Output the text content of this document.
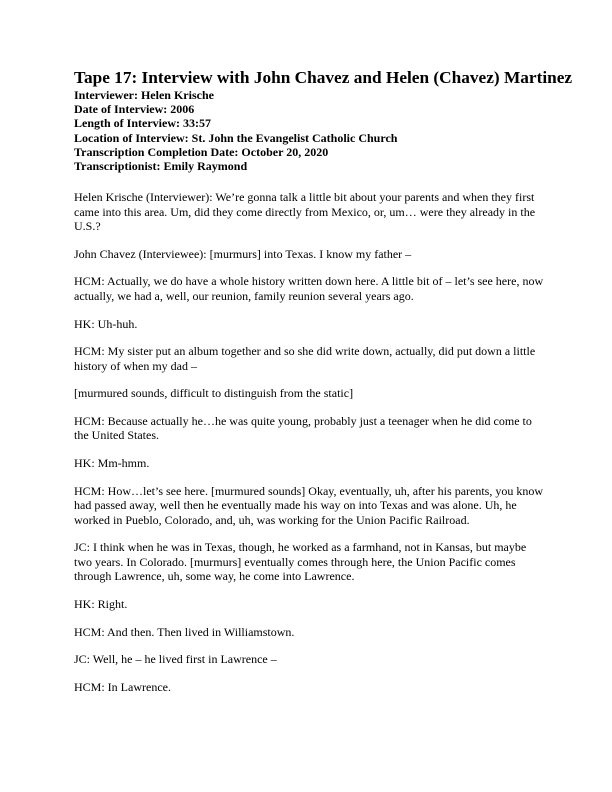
Tape 17: Interview with John Chavez and Helen (Chavez) Martinez
Interviewer: Helen Krische
Date of Interview: 2006
Length of Interview: 33:57
Location of Interview: St. John the Evangelist Catholic Church
Transcription Completion Date: October 20, 2020
Transcriptionist: Emily Raymond

Helen Krische (Interviewer): We’re gonna talk a little bit about your parents and when they first came into this area. Um, did they come directly from Mexico, or, um… were they already in the U.S.?

John Chavez (Interviewee): [murmurs] into Texas. I know my father –

HCM: Actually, we do have a whole history written down here. A little bit of – let’s see here, now actually, we had a, well, our reunion, family reunion several years ago.

HK: Uh-huh.

HCM: My sister put an album together and so she did write down, actually, did put down a little history of when my dad –

[murmured sounds, difficult to distinguish from the static]

HCM: Because actually he…he was quite young, probably just a teenager when he did come to the United States.

HK: Mm-hmm.

HCM: How…let’s see here. [murmured sounds] Okay, eventually, uh, after his parents, you know had passed away, well then he eventually made his way on into Texas and was alone. Uh, he worked in Pueblo, Colorado, and, uh, was working for the Union Pacific Railroad.

JC: I think when he was in Texas, though, he worked as a farmhand, not in Kansas, but maybe two years. In Colorado. [murmurs] eventually comes through here, the Union Pacific comes through Lawrence, uh, some way, he come into Lawrence.

HK: Right.

HCM: And then. Then lived in Williamstown.

JC: Well, he – he lived first in Lawrence –

HCM: In Lawrence.
